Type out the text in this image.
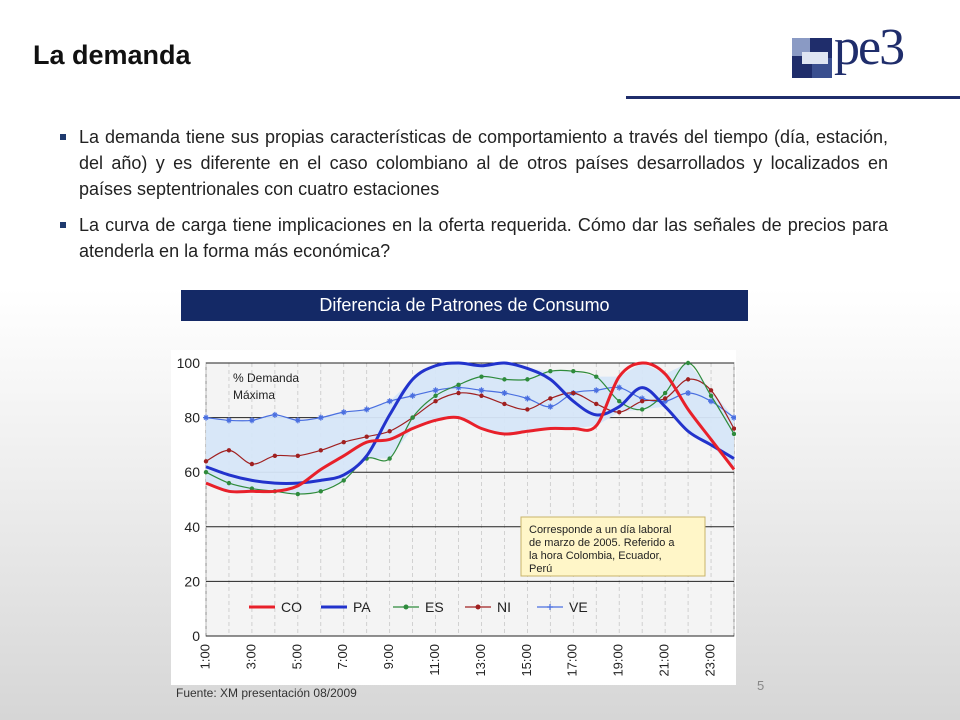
La demanda	pe3
La demanda tiene sus propias características de comportamiento a través del tiempo (día, estación, del año) y es diferente en el caso colombiano al de otros países desarrollados y localizados en países septentrionales con cuatro estaciones
La curva de carga tiene implicaciones en la oferta requerida. Cómo dar las señales de precios para atenderla en la forma más económica?
Diferencia de Patrones de Consumo
0
20
40
60
80
100
1:00 3:00 5:00 7:00 9:00 11:00 13:00 15:00 17:00 19:00 21:00 23:00
% Demanda
Máxima
Corresponde a un día laboral de marzo de 2005. Referido a la hora Colombia, Ecuador, Perú
CO	PA	ES	NI	VE
Fuente: XM presentación 08/2009	5
